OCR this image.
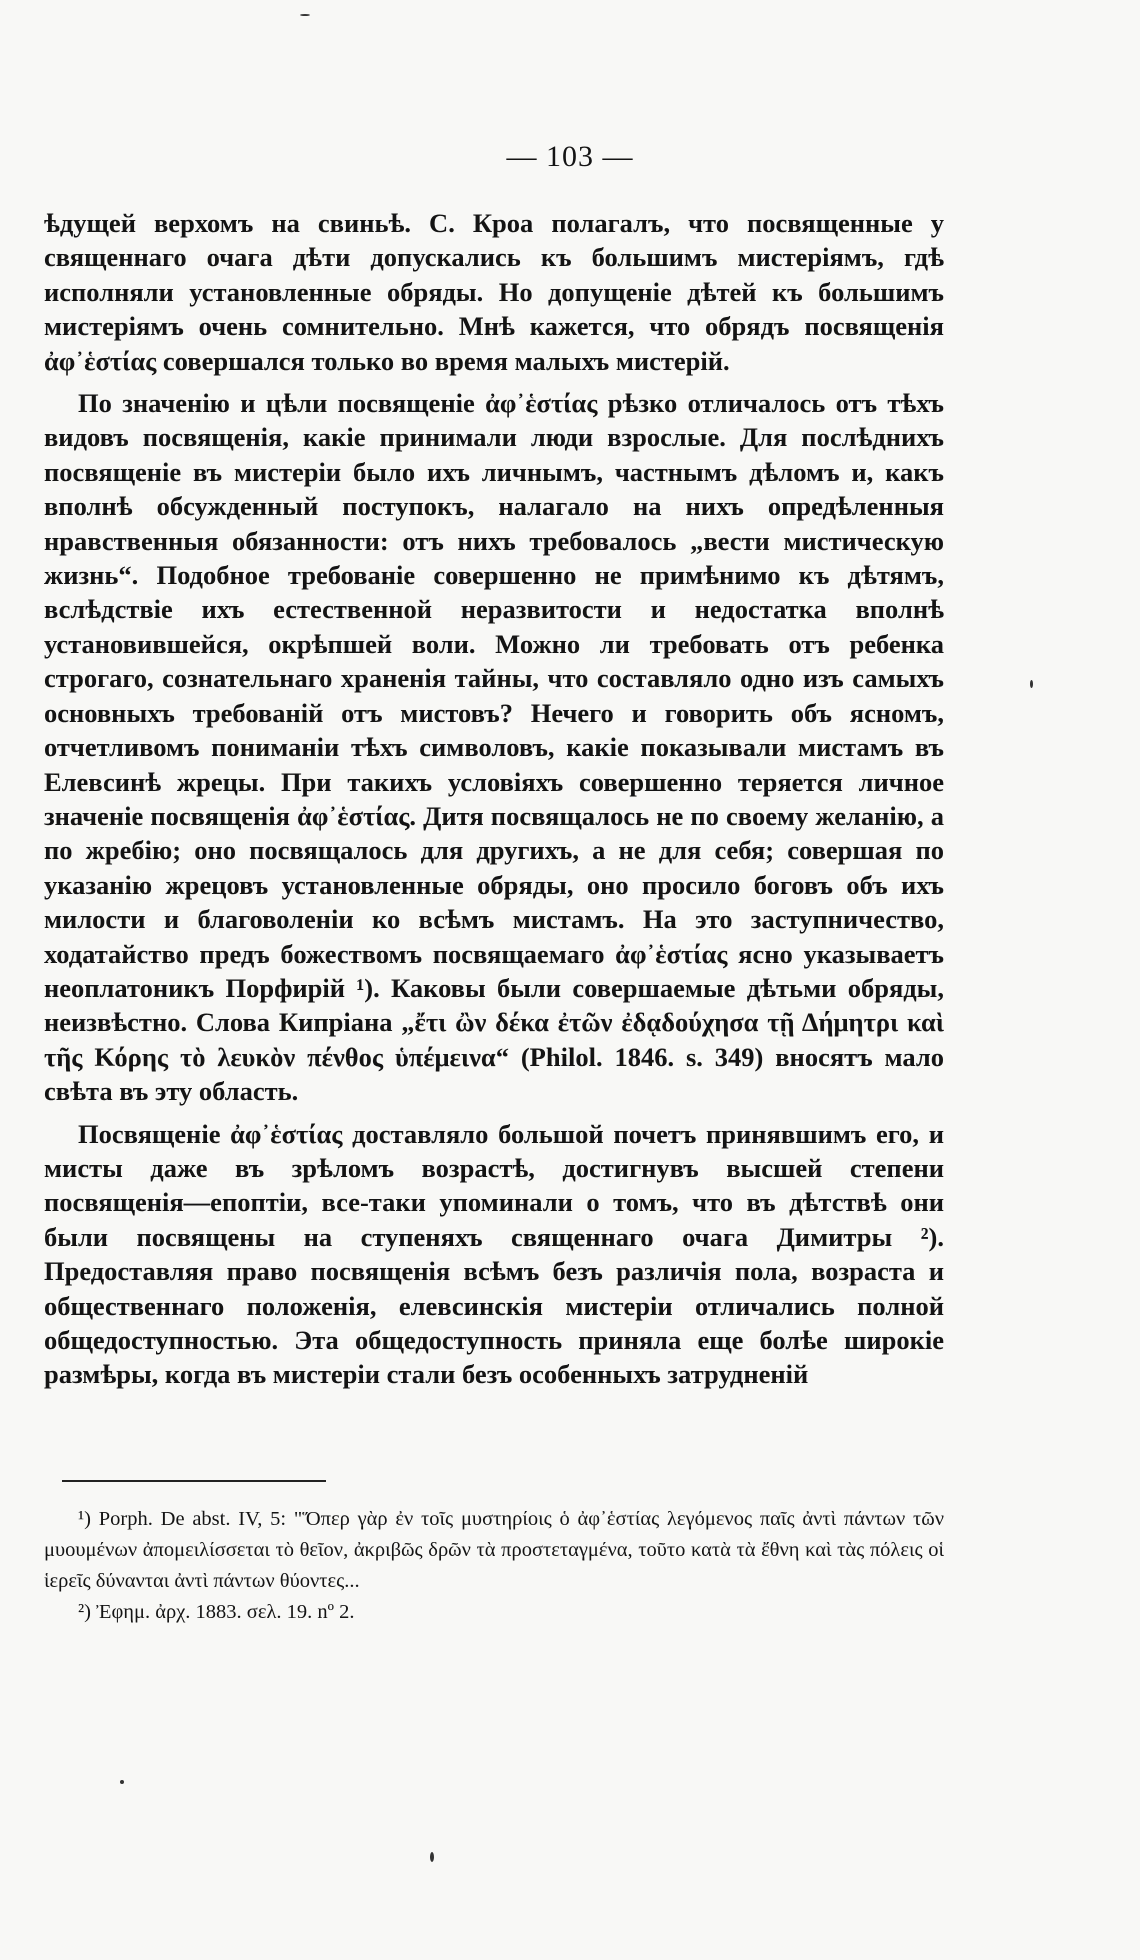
— 103 —

ѣдущей верхомъ на свиньѣ. С. Кроа полагалъ, что посвященные у священнаго очага дѣти допускались къ большимъ мистеріямъ, гдѣ исполняли установленные обряды. Но допущеніе дѣтей къ большимъ мистеріямъ очень сомнительно. Мнѣ кажется, что обрядъ посвященія ἀφ᾽ἑστίας совершался только во время малыхъ мистерій.

По значенію и цѣли посвященіе ἀφ᾽ἑστίας рѣзко отличалось отъ тѣхъ видовъ посвященія, какіе принимали люди взрослые. Для послѣднихъ посвященіе въ мистеріи было ихъ личнымъ, частнымъ дѣломъ и, какъ вполнѣ обсужденный поступокъ, налагало на нихъ опредѣленныя нравственныя обязанности: отъ нихъ требовалось „вести мистическую жизнь“. Подобное требованіе совершенно не примѣнимо къ дѣтямъ, вслѣдствіе ихъ естественной неразвитости и недостатка вполнѣ установившейся, окрѣпшей воли. Можно ли требовать отъ ребенка строгаго, сознательнаго храненія тайны, что составляло одно изъ самыхъ основныхъ требованій отъ мистовъ? Нечего и говорить объ ясномъ, отчетливомъ пониманіи тѣхъ символовъ, какіе показывали мистамъ въ Елевсинѣ жрецы. При такихъ условіяхъ совершенно теряется личное значеніе посвященія ἀφ᾽ἑστίας. Дитя посвящалось не по своему желанію, а по жребію; оно посвящалось для другихъ, а не для себя; совершая по указанію жрецовъ установленные обряды, оно просило боговъ объ ихъ милости и благоволеніи ко всѣмъ мистамъ. На это заступничество, ходатайство предъ божествомъ посвящаемаго ἀφ᾽ἑστίας ясно указываетъ неоплатоникъ Порфирій ¹). Каковы были совершаемые дѣтьми обряды, неизвѣстно. Слова Кипріана „ἔτι ὢν δέκα ἐτῶν ἐδᾳδούχησα τῇ Δήμητρι καὶ τῆς Κόρης τὸ λευκὸν πένθος ὑπέμεινα“ (Philol. 1846. s. 349) вносятъ мало свѣта въ эту область.

Посвященіе ἀφ᾽ἑστίας доставляло большой почетъ принявшимъ его, и мисты даже въ зрѣломъ возрастѣ, достигнувъ высшей степени посвященія—епоптіи, все-таки упоминали о томъ, что въ дѣтствѣ они были посвящены на ступеняхъ священнаго очага Димитры ²). Предоставляя право посвященія всѣмъ безъ различія пола, возраста и общественнаго положенія, елевсинскія мистеріи отличались полной общедоступностью. Эта общедоступность приняла еще болѣе широкіе размѣры, когда въ мистеріи стали безъ особенныхъ затрудненій

¹) Porph. De abst. IV, 5: "Ὅπερ γὰρ ἐν τοῖς μυστηρίοις ὁ ἀφ᾽ἑστίας λεγόμενος παῖς ἀντὶ πάντων τῶν μυουμένων ἀπομειλίσσεται τὸ θεῖον, ἀκριβῶς δρῶν τὰ προστεταγμένα, τοῦτο κατὰ τὰ ἔθνη καὶ τὰς πόλεις οἱ ἱερεῖς δύνανται ἀντὶ πάντων θύοντες...

²) Ἐφημ. ἀρχ. 1883. σελ. 19. nº 2.
